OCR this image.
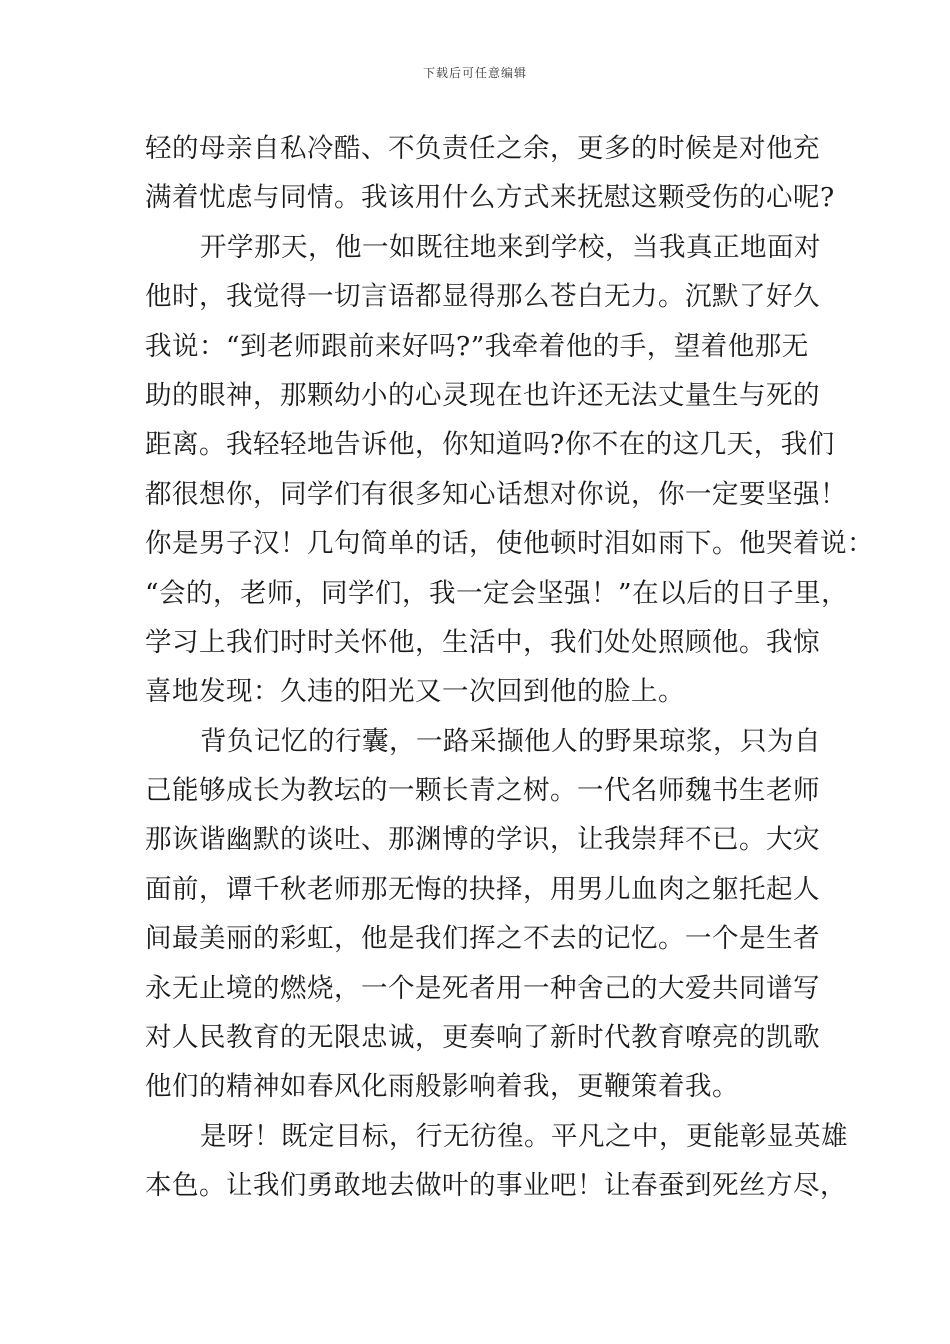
下载后可任意编辑
轻的母亲自私冷酷、不负责任之余，更多的时候是对他充
满着忧虑与同情。我该用什么方式来抚慰这颗受伤的心呢?
开学那天，他一如既往地来到学校，当我真正地面对
他时，我觉得一切言语都显得那么苍白无力。沉默了好久
我说：“到老师跟前来好吗?”我牵着他的手，望着他那无
助的眼神，那颗幼小的心灵现在也许还无法丈量生与死的
距离。我轻轻地告诉他，你知道吗?你不在的这几天，我们
都很想你，同学们有很多知心话想对你说，你一定要坚强！
你是男子汉！几句简单的话，使他顿时泪如雨下。他哭着说：
“会的，老师，同学们，我一定会坚强！”在以后的日子里，
学习上我们时时关怀他，生活中，我们处处照顾他。我惊
喜地发现：久违的阳光又一次回到他的脸上。
背负记忆的行囊，一路采撷他人的野果琼浆，只为自
己能够成长为教坛的一颗长青之树。一代名师魏书生老师
那诙谐幽默的谈吐、那渊博的学识，让我崇拜不已。大灾
面前，谭千秋老师那无悔的抉择，用男儿血肉之躯托起人
间最美丽的彩虹，他是我们挥之不去的记忆。一个是生者
永无止境的燃烧，一个是死者用一种舍己的大爱共同谱写
对人民教育的无限忠诚，更奏响了新时代教育嘹亮的凯歌
他们的精神如春风化雨般影响着我，更鞭策着我。
是呀！既定目标，行无彷徨。平凡之中，更能彰显英雄
本色。让我们勇敢地去做叶的事业吧！让春蚕到死丝方尽，
